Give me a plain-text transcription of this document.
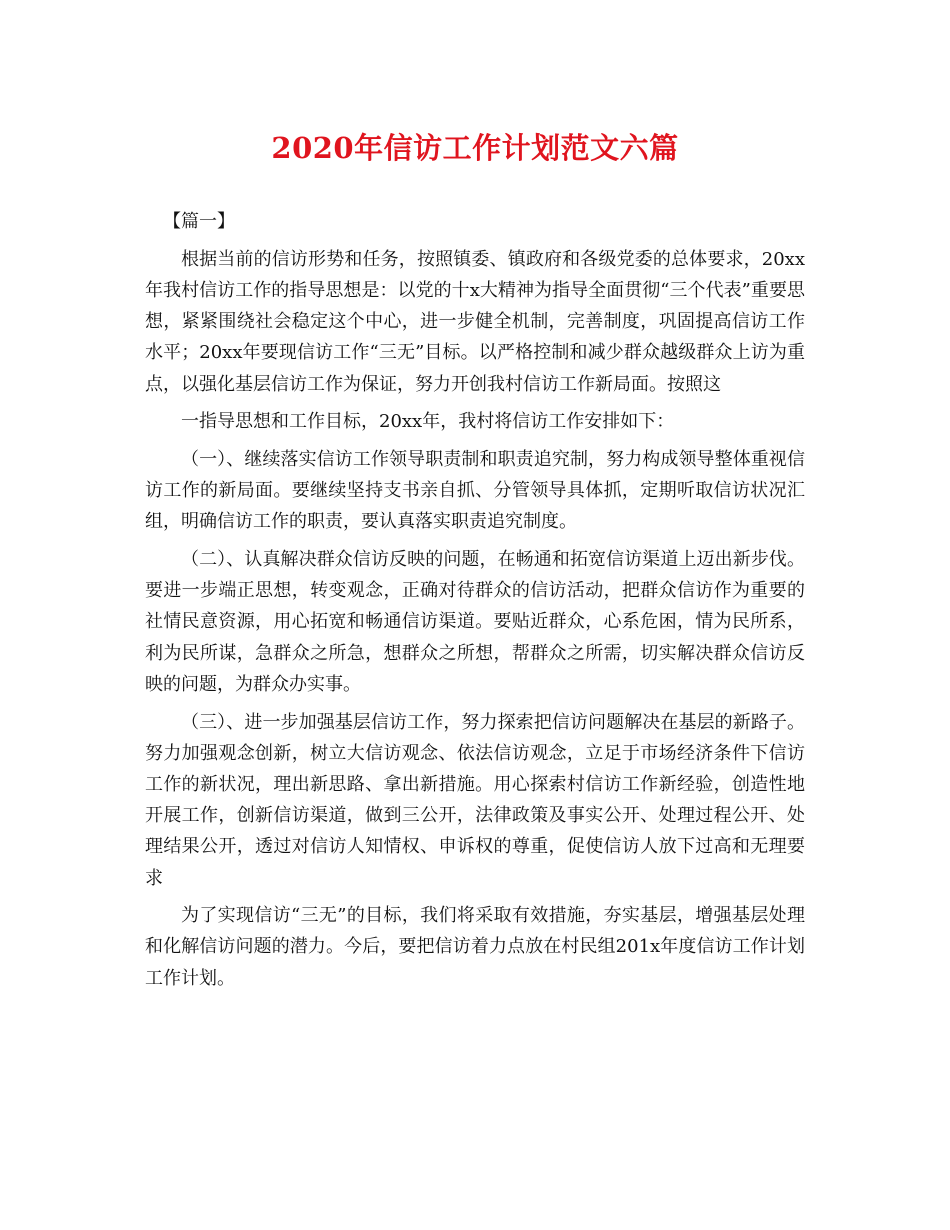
2020年信访工作计划范文六篇

【篇一】

根据当前的信访形势和任务，按照镇委、镇政府和各级党委的总体要求，20xx年我村信访工作的指导思想是：以党的十x大精神为指导全面贯彻“三个代表”重要思想，紧紧围绕社会稳定这个中心，进一步健全机制，完善制度，巩固提高信访工作水平；20xx年要现信访工作“三无”目标。以严格控制和减少群众越级群众上访为重点，以强化基层信访工作为保证，努力开创我村信访工作新局面。按照这

一指导思想和工作目标，20xx年，我村将信访工作安排如下：

（一）、继续落实信访工作领导职责制和职责追究制，努力构成领导整体重视信访工作的新局面。要继续坚持支书亲自抓、分管领导具体抓，定期听取信访状况汇组，明确信访工作的职责，要认真落实职责追究制度。

（二）、认真解决群众信访反映的问题，在畅通和拓宽信访渠道上迈出新步伐。要进一步端正思想，转变观念，正确对待群众的信访活动，把群众信访作为重要的社情民意资源，用心拓宽和畅通信访渠道。要贴近群众，心系危困，情为民所系，利为民所谋，急群众之所急，想群众之所想，帮群众之所需，切实解决群众信访反映的问题，为群众办实事。

（三）、进一步加强基层信访工作，努力探索把信访问题解决在基层的新路子。努力加强观念创新，树立大信访观念、依法信访观念，立足于市场经济条件下信访工作的新状况，理出新思路、拿出新措施。用心探索村信访工作新经验，创造性地开展工作，创新信访渠道，做到三公开，法律政策及事实公开、处理过程公开、处理结果公开，透过对信访人知情权、申诉权的尊重，促使信访人放下过高和无理要求

为了实现信访“三无”的目标，我们将采取有效措施，夯实基层，增强基层处理和化解信访问题的潜力。今后，要把信访着力点放在村民组201x年度信访工作计划工作计划。
